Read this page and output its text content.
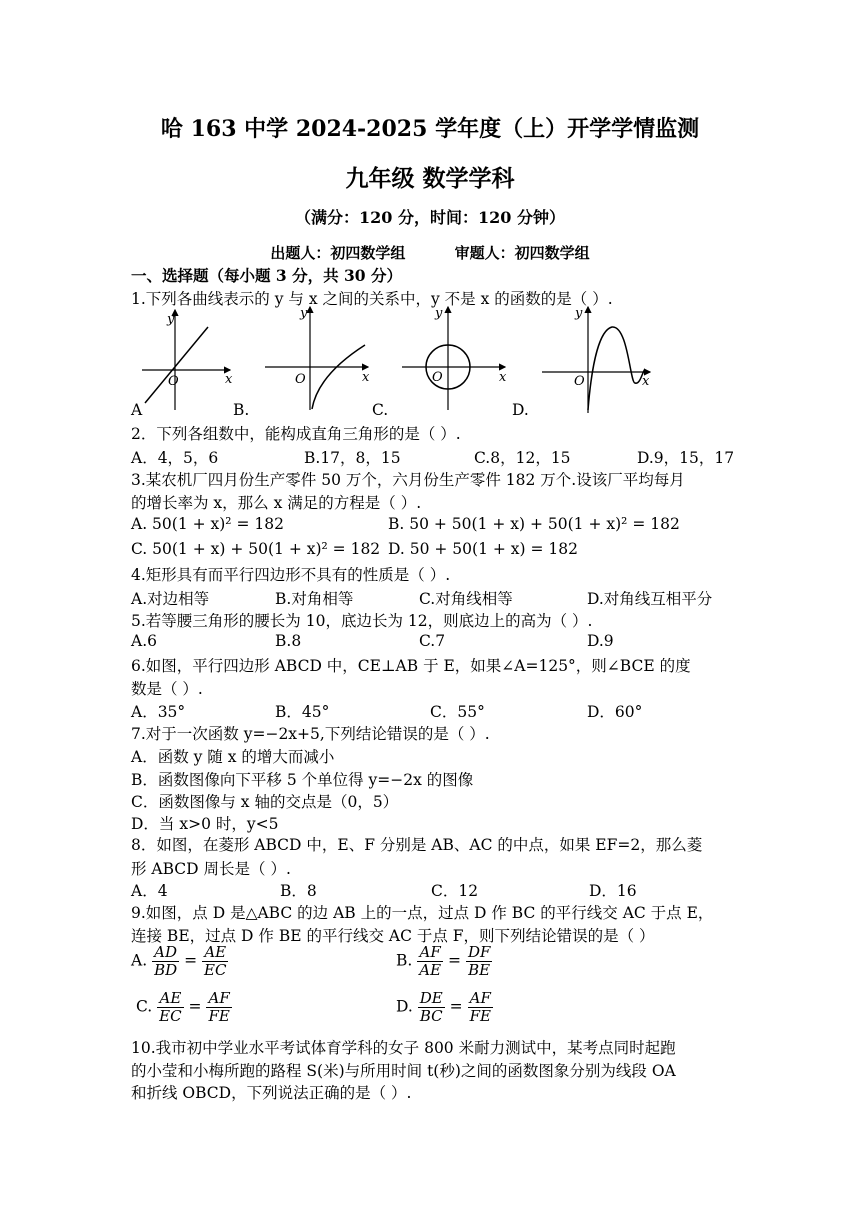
哈 163 中学 2024-2025 学年度（上）开学学情监测
九年级 数学学科
（满分：120 分，时间：120 分钟）
出题人：初四数学组	审题人：初四数学组
一、选择题（每小题 3 分，共 30 分）
1.下列各曲线表示的 y 与 x 之间的关系中，y 不是 x 的函数的是（ ）.
O	x
y
O	x
y
O	x
y
O	x
y
A	B.	C.	D.
2．下列各组数中，能构成直角三角形的是（ ）.
A．4，5，6	B.17，8，15	C.8，12，15	D.9，15，17
3.某农机厂四月份生产零件 50 万个，六月份生产零件 182 万个.设该厂平均每月
的增长率为 x，那么 x 满足的方程是（ ）.
A. 50(1 + x)² = 182	B. 50 + 50(1 + x) + 50(1 + x)² = 182
C. 50(1 + x) + 50(1 + x)² = 182 D. 50 + 50(1 + x) = 182
4.矩形具有而平行四边形不具有的性质是（ ）.
A.对边相等	B.对角相等	C.对角线相等	D.对角线互相平分
5.若等腰三角形的腰长为 10，底边长为 12，则底边上的高为（ ）.
A.6	B.8	C.7	D.9
6.如图，平行四边形 ABCD 中，CE⊥AB 于 E，如果∠A=125°，则∠BCE 的度
数是（ ）.
A．35°	B．45°	C．55°	D．60°
7.对于一次函数 y=−2x+5,下列结论错误的是（ ）.
A．函数 y 随 x 的增大而减小
B．函数图像向下平移 5 个单位得 y=−2x 的图像
C．函数图像与 x 轴的交点是（0，5）
D．当 x>0 时，y<5
8．如图，在菱形 ABCD 中，E、F 分别是 AB、AC 的中点，如果 EF=2，那么菱
形 ABCD 周长是（ ）.
A．4	B．8	C．12	D．16
9.如图，点 D 是△ABC 的边 AB 上的一点，过点 D 作 BC 的平行线交 AC 于点 E，
连接 BE，过点 D 作 BE 的平行线交 AC 于点 F，则下列结论错误的是（ ）
A. $\frac{AD}{BD} = \frac{AE}{EC}$	B. $\frac{AF}{AE} = \frac{DF}{BE}$
C. $\frac{AE}{EC} = \frac{AF}{FE}$	D. $\frac{DE}{BC} = \frac{AF}{FE}$
10.我市初中学业水平考试体育学科的女子 800 米耐力测试中，某考点同时起跑
的小莹和小梅所跑的路程 S(米)与所用时间 t(秒)之间的函数图象分别为线段 OA
和折线 OBCD，下列说法正确的是（ ）.
